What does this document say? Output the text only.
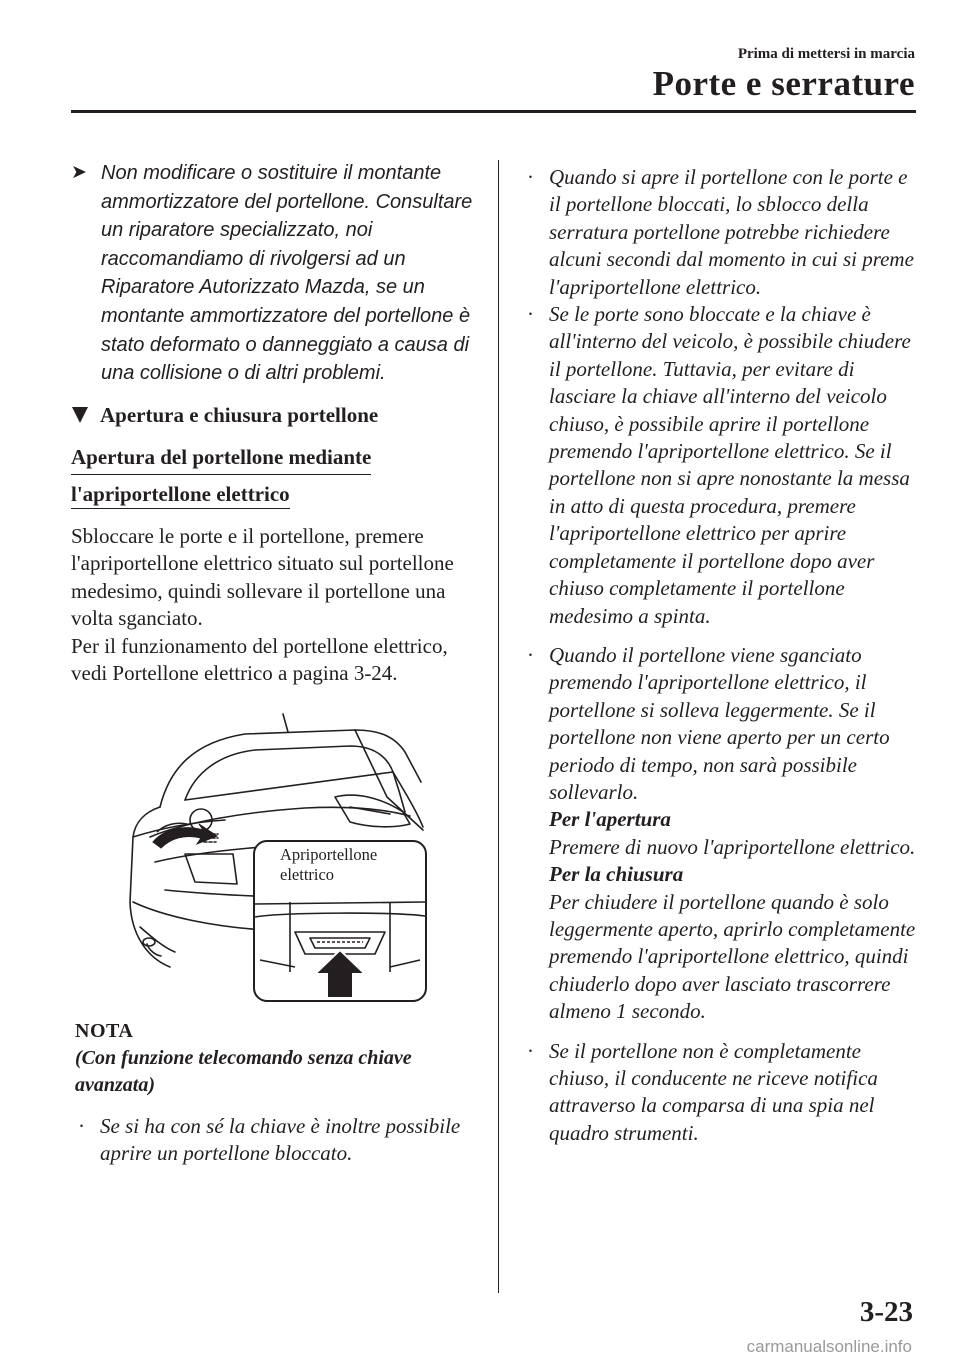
Prima di mettersi in marcia
Porte e serrature
➤ Non modificare o sostituire il montante ammortizzatore del portellone. Consultare un riparatore specializzato, noi raccomandiamo di rivolgersi ad un Riparatore Autorizzato Mazda, se un montante ammortizzatore del portellone è stato deformato o danneggiato a causa di una collisione o di altri problemi.
Apertura e chiusura portellone
Apertura del portellone mediante
l'apriportellone elettrico
Sbloccare le porte e il portellone, premere l'apriportellone elettrico situato sul portellone medesimo, quindi sollevare il portellone una volta sganciato.
Per il funzionamento del portellone elettrico, vedi Portellone elettrico a pagina 3-24.
Apriportellone
elettrico
NOTA
(Con funzione telecomando senza chiave avanzata)
· Se si ha con sé la chiave è inoltre possibile aprire un portellone bloccato.
· Quando si apre il portellone con le porte e il portellone bloccati, lo sblocco della serratura portellone potrebbe richiedere alcuni secondi dal momento in cui si preme l'apriportellone elettrico.
· Se le porte sono bloccate e la chiave è all'interno del veicolo, è possibile chiudere il portellone. Tuttavia, per evitare di lasciare la chiave all'interno del veicolo chiuso, è possibile aprire il portellone premendo l'apriportellone elettrico. Se il portellone non si apre nonostante la messa in atto di questa procedura, premere l'apriportellone elettrico per aprire completamente il portellone dopo aver chiuso completamente il portellone medesimo a spinta.
· Quando il portellone viene sganciato premendo l'apriportellone elettrico, il portellone si solleva leggermente. Se il portellone non viene aperto per un certo periodo di tempo, non sarà possibile sollevarlo.
Per l'apertura
Premere di nuovo l'apriportellone elettrico.
Per la chiusura
Per chiudere il portellone quando è solo leggermente aperto, aprirlo completamente premendo l'apriportellone elettrico, quindi chiuderlo dopo aver lasciato trascorrere almeno 1 secondo.
· Se il portellone non è completamente chiuso, il conducente ne riceve notifica attraverso la comparsa di una spia nel quadro strumenti.
3-23
carmanualsonline.info
